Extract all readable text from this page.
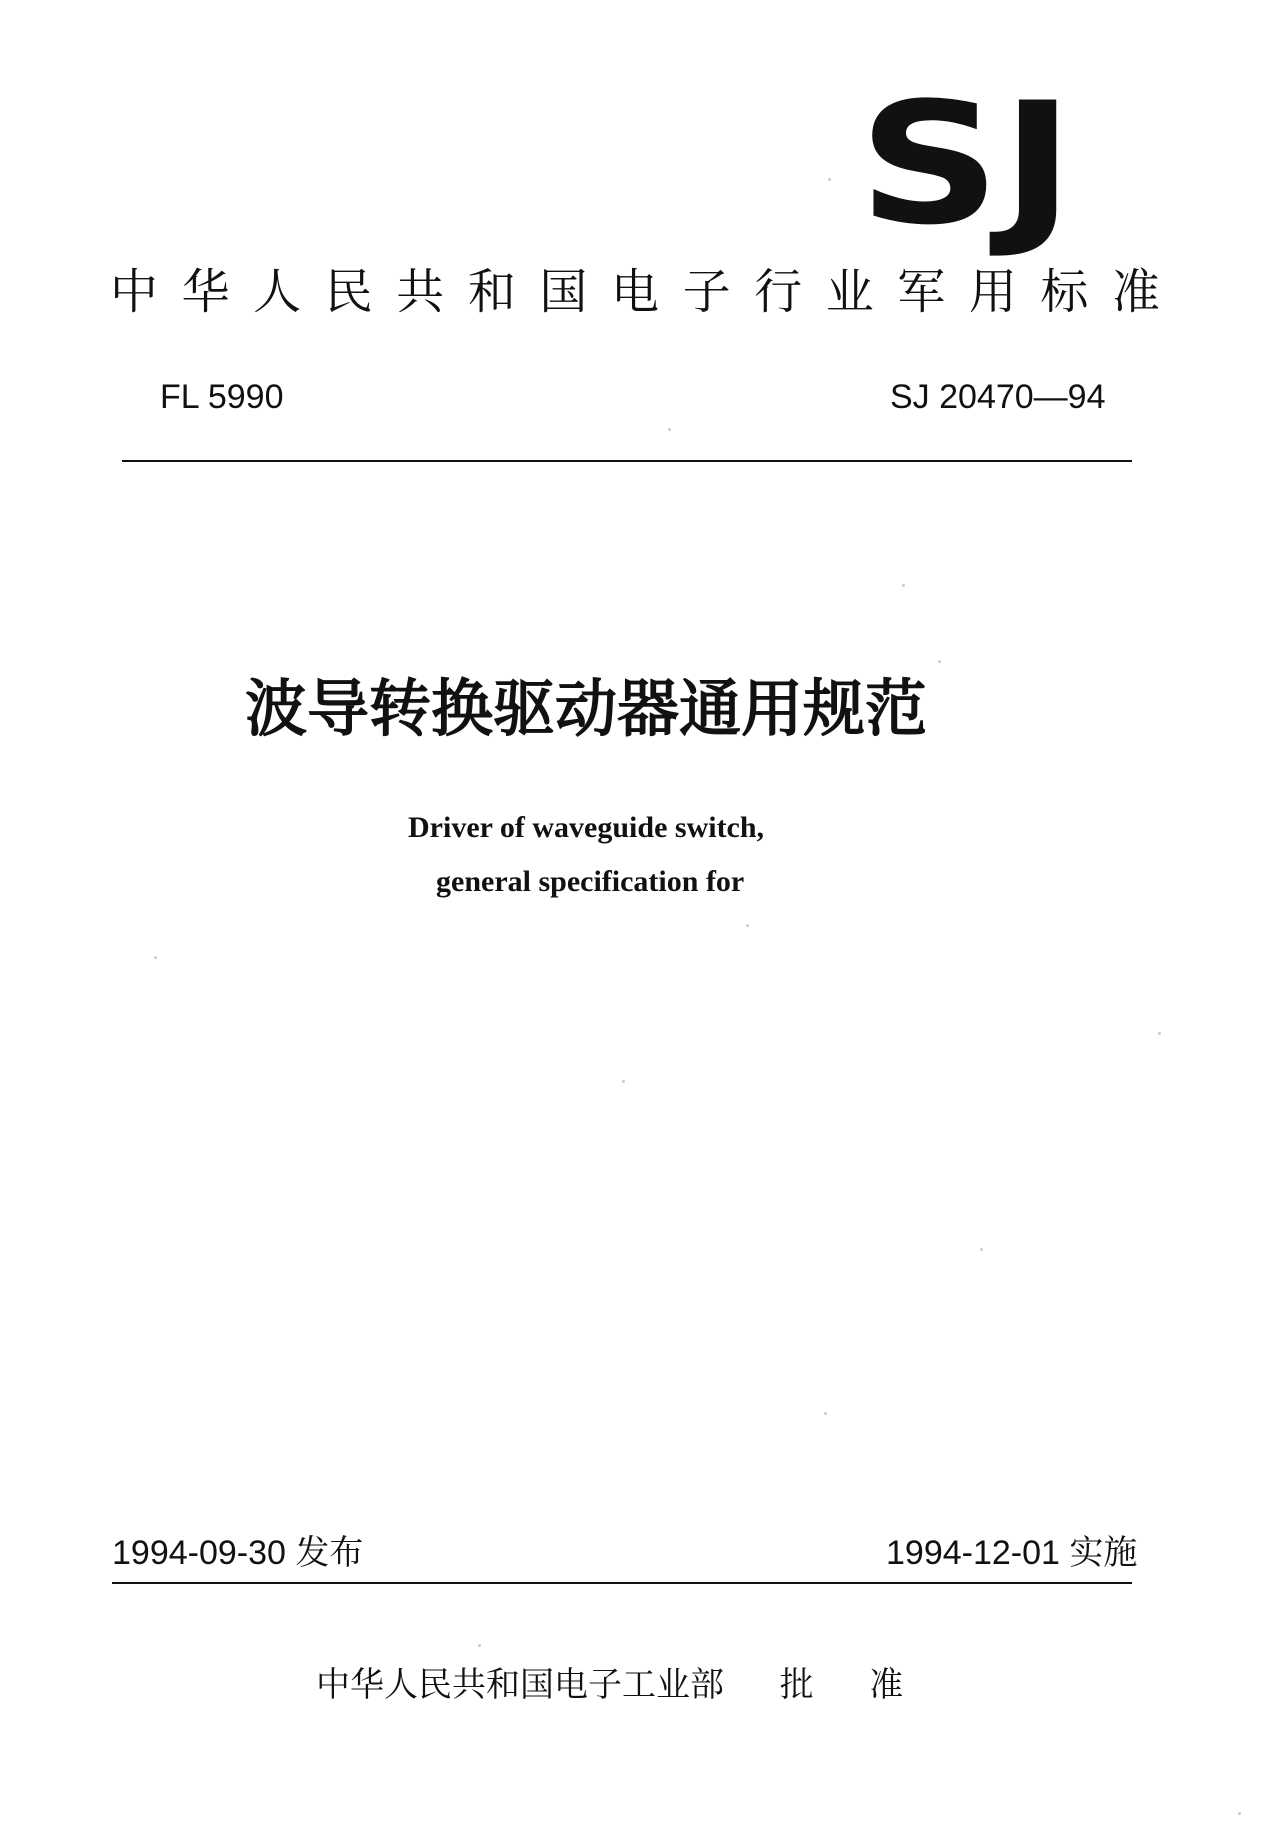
SJ
中华人民共和国电子行业军用标准
FL 5990	SJ 20470—94
波导转换驱动器通用规范
Driver of waveguide switch,
general specification for
1994-09-30 发布	1994-12-01 实施
中华人民共和国电子工业部 批 准
